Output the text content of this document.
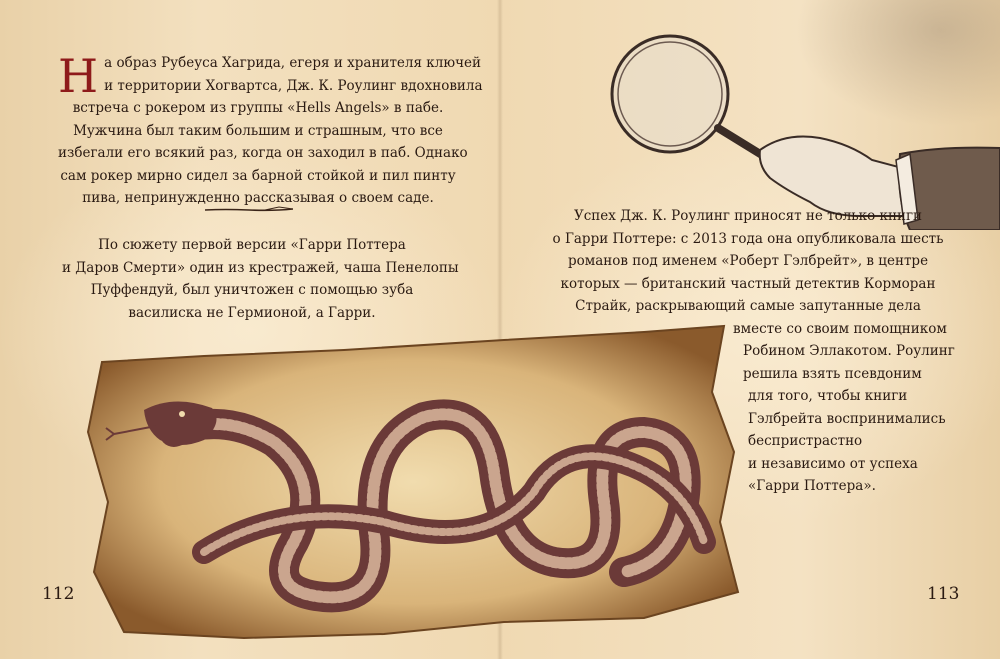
Н а образ Рубеуса Хагрида, егеря и хранителя ключей
и территории Хогвартса, Дж. К. Роулинг вдохновила
встреча с рокером из группы «Hells Angels» в пабе.
Мужчина был таким большим и страшным, что все
избегали его всякий раз, когда он заходил в паб. Однако
сам рокер мирно сидел за барной стойкой и пил пинту
пива, непринужденно рассказывая о своем саде.
По сюжету первой версии «Гарри Поттера
и Даров Смерти» один из крестражей, чаша Пенелопы
Пуффендуй, был уничтожен с помощью зуба
василиска не Гермионой, а Гарри.
Успех Дж. К. Роулинг приносят не только книги
о Гарри Поттере: с 2013 года она опубликовала шесть
романов под именем «Роберт Гэлбрейт», в центре
которых — британский частный детектив Корморан
Страйк, раскрывающий самые запутанные дела
вместе со своим помощником
Робином Эллакотом. Роулинг
решила взять псевдоним
для того, чтобы книги
Гэлбрейта воспринимались
беспристрастно
и независимо от успеха
«Гарри Поттера».
112	113
